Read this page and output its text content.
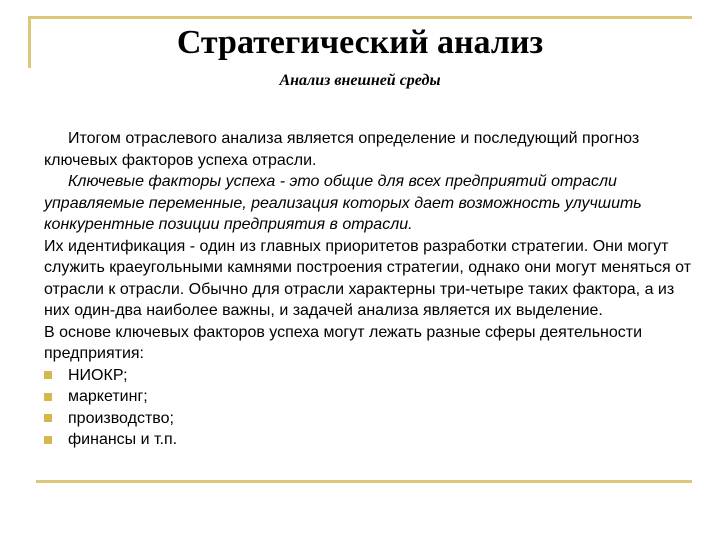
Стратегический анализ
Анализ внешней среды

Итогом отраслевого анализа является определение и последующий прогноз ключевых факторов успеха отрасли.

Ключевые факторы успеха - это общие для всех предприятий отрасли управляемые переменные, реализация которых дает возможность улучшить конкурентные позиции предприятия в отрасли.

Их идентификация - один из главных приоритетов разработки стратегии. Они могут служить краеугольными камнями построения стратегии, однако они могут меняться от отрасли к отрасли. Обычно для отрасли характерны три-четыре таких фактора, а из них один-два наиболее важны, и задачей анализа является их выделение.

В основе ключевых факторов успеха могут лежать разные сферы деятельности предприятия:

НИОКР;
маркетинг;
производство;
финансы и т.п.
